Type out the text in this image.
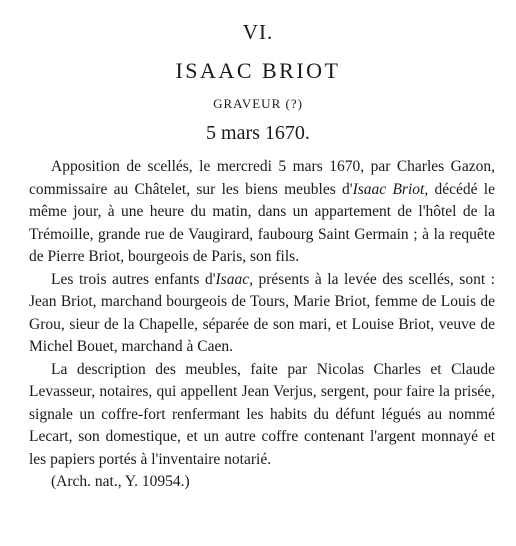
VI.
ISAAC BRIOT
GRAVEUR (?)
5 mars 1670.

Apposition de scellés, le mercredi 5 mars 1670, par Charles Gazon, commissaire au Châtelet, sur les biens meubles d'Isaac Briot, décédé le même jour, à une heure du matin, dans un appartement de l'hôtel de la Trémoille, grande rue de Vaugirard, faubourg Saint Germain ; à la requête de Pierre Briot, bourgeois de Paris, son fils.

Les trois autres enfants d'Isaac, présents à la levée des scellés, sont : Jean Briot, marchand bourgeois de Tours, Marie Briot, femme de Louis de Grou, sieur de la Chapelle, séparée de son mari, et Louise Briot, veuve de Michel Bouet, marchand à Caen.

La description des meubles, faite par Nicolas Charles et Claude Levasseur, notaires, qui appellent Jean Verjus, sergent, pour faire la prisée, signale un coffre-fort renfermant les habits du défunt légués au nommé Lecart, son domestique, et un autre coffre contenant l'argent monnayé et les papiers portés à l'inventaire notarié.

(Arch. nat., Y. 10954.)
